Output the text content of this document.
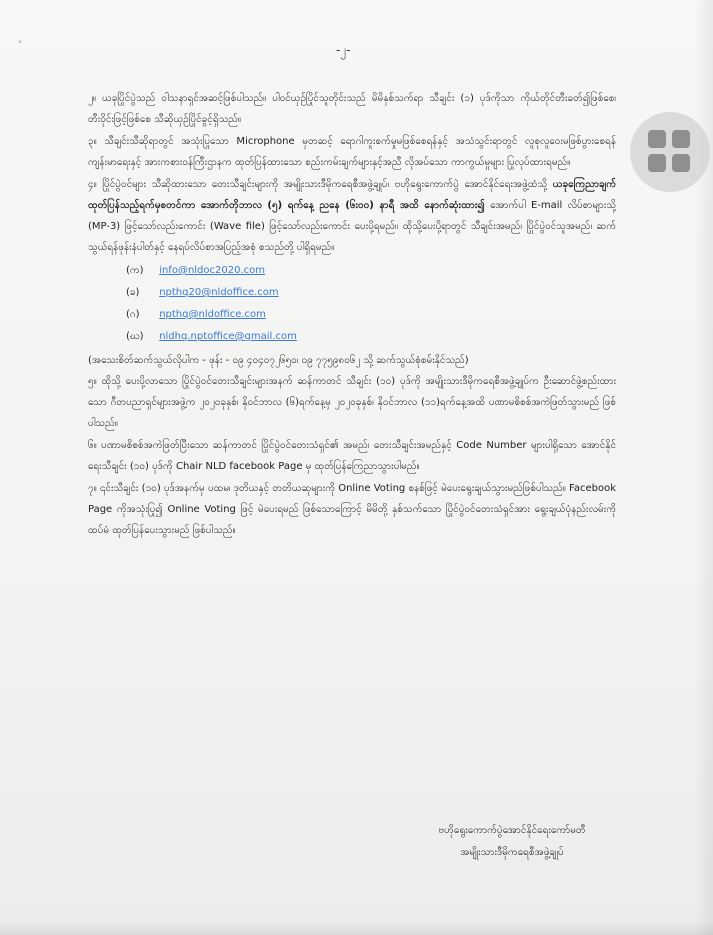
"	-၂-

၂။ ယခုပြိုင်ပွဲသည် ဝါသနာရှင်အဆင့်ဖြစ်ပါသည်။ ပါဝင်ယှဉ်ပြိုင်သူတိုင်းသည် မိမိနှစ်သက်ရာ သီချင်း (၁) ပုဒ်ကိုသာ ကိုယ်တိုင်တီးခတ်၍ဖြစ်စေ၊ တီးဝိုင်းဖြင့်ဖြစ်စေ သီဆိုယှဉ်ပြိုင်ခွင့်ရှိသည်။

၃။ သီချင်းသီဆိုရာတွင် အသုံးပြုသော Microphone မှတဆင့် ရောဂါကူးစက်မှုမဖြစ်စေရန်နှင့် အသံသွင်းရာတွင် လူစုလူဝေးမဖြစ်ပွားစေရန် ကျန်းမာရေးနှင့် အားကစားဝန်ကြီးဌာနက ထုတ်ပြန်ထားသော စည်းကမ်းချက်များနှင့်အညီ လိုအပ်သော ကာကွယ်မှုများ ပြုလုပ်ထားရမည်။

၄။ ပြိုင်ပွဲဝင်များ သီဆိုထားသော တေးသီချင်းများကို အမျိုးသားဒီမိုကရေစီအဖွဲ့ချုပ်၊ ဗဟိုရွေးကောက်ပွဲ အောင်နိုင်ရေးအဖွဲ့ထံသို့ ယခုကြေညာချက်ထုတ်ပြန်သည့်ရက်မှစတင်ကာ အောက်တိုဘာလ (၅) ရက်နေ့ ညနေ (၆း၀၀) နာရီ အထိ နောက်ဆုံးထား၍ အောက်ပါ E-mail လိပ်စာများသို့ (MP-3) ဖြင့်သော်လည်းကောင်း (Wave file) ဖြင့်သော်လည်းကောင်း ပေးပို့ရမည်။ ထိုသို့ပေးပို့ရာတွင် သီချင်းအမည်၊ ပြိုင်ပွဲဝင်သူအမည်၊ ဆက်သွယ်ရန်ဖုန်းနံပါတ်နှင့် နေရပ်လိပ်စာအပြည့်အစုံ စသည်တို့ ပါရှိရမည်။

(က) info@nldoc2020.com
(ခ) npthq20@nldoffice.com
(ဂ) npthq@nldoffice.com
(ဃ) nldhq.nptoffice@gmail.com

(အသေးစိတ်ဆက်သွယ်လိုပါက - ဖုန်း - ၀၉ ၄၀၄၀၇၂၆၅၀၊ ၀၉ ၇၇၅၉၈၀၆၂ သို့ ဆက်သွယ်စုံစမ်းနိုင်သည်)

၅။ ထိုသို့ ပေးပို့လာသော ပြိုင်ပွဲဝင်တေးသီချင်းများအနက် ဆန်ကာတင် သီချင်း (၁၀) ပုဒ်ကို အမျိုးသားဒီမိုကရေစီအဖွဲ့ချုပ်က ဦးဆောင်ဖွဲ့စည်းထားသော ဂီတပညာရှင်များအဖွဲ့က ၂၀၂၀ခုနှစ်၊ နိုဝင်ဘာလ (၆)ရက်နေ့မှ ၂၀၂၀ခုနှစ်၊ နိုဝင်ဘာလ (၁၁)ရက်နေ့အထိ ပဏာမစိစစ်အကဲဖြတ်သွားမည် ဖြစ်ပါသည်။

၆။ ပဏာမစိစစ်အကဲဖြတ်ပြီးသော ဆန်ကာတင် ပြိုင်ပွဲဝင်တေးသံရှင်၏ အမည်၊ တေးသီချင်းအမည်နှင့် Code Number များပါရှိသော အောင်နိုင်ရေးသီချင်း (၁၀) ပုဒ်ကို Chair NLD facebook Page မှ ထုတ်ပြန်ကြေညာသွားပါမည်။

၇။ ၎င်းသီချင်း (၁၀) ပုဒ်အနက်မှ ပထမ၊ ဒုတိယနှင့် တတိယဆုများကို Online Voting စနစ်ဖြင့် မဲပေးရွေးချယ်သွားမည်ဖြစ်ပါသည်။ Facebook Page ကိုအသုံးပြု၍ Online Voting ဖြင့် မဲပေးရမည် ဖြစ်သောကြောင့် မိမိတို့ နှစ်သက်သော ပြိုင်ပွဲဝင်တေးသံရှင်အား ရွေးချယ်ပုံနည်းလမ်းကို ထပ်မံ ထုတ်ပြန်ပေးသွားမည် ဖြစ်ပါသည်။

ဗဟိုရွေးကောက်ပွဲအောင်နိုင်ရေးကော်မတီ
အမျိုးသားဒီမိုကရေစီအဖွဲ့ချုပ်
